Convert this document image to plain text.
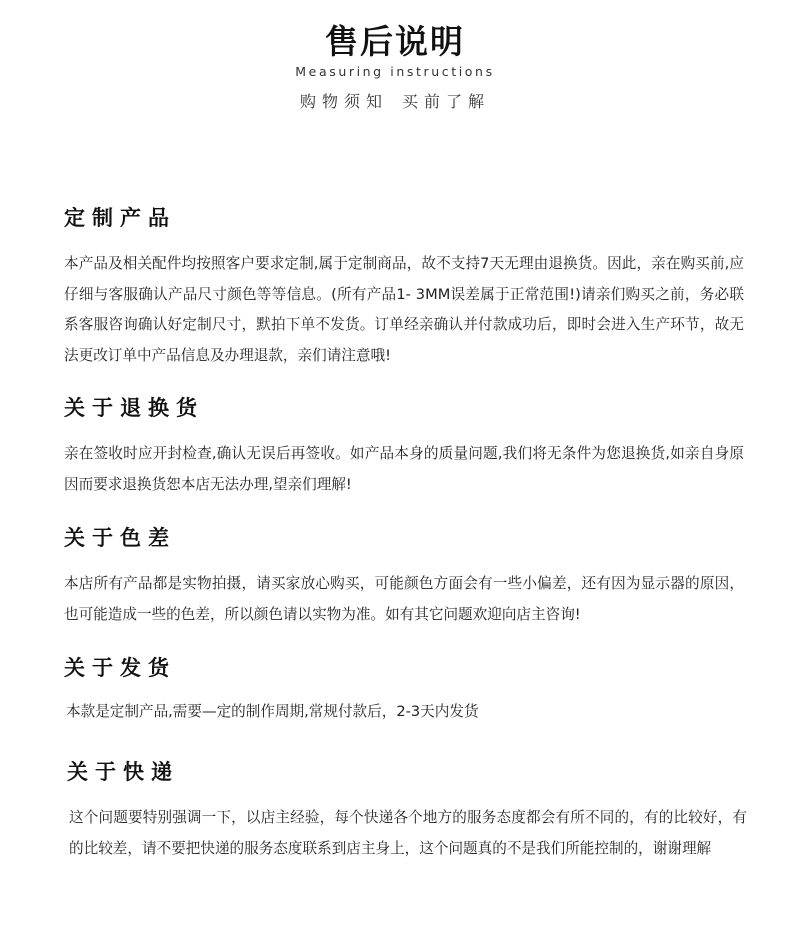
售后说明
Measuring instructions
购物须知 买前了解
定制产品
本产品及相关配件均按照客户要求定制,属于定制商品，故不支持7天无理由退换货。因此，亲在购买前,应仔细与客服确认产品尺寸颜色等等信息。(所有产品1- 3MM误差属于正常范围!)请亲们购买之前，务必联系客服咨询确认好定制尺寸，默拍下单不发货。订单经亲确认并付款成功后，即时会进入生产环节，故无法更改订单中产品信息及办理退款，亲们请注意哦!
关于退换货
亲在签收时应开封检查,确认无误后再签收。如产品本身的质量问题,我们将无条件为您退换货,如亲自身原因而要求退换货恕本店无法办理,望亲们理解!
关于色差
本店所有产品都是实物拍摄，请买家放心购买，可能颜色方面会有一些小偏差，还有因为显示器的原因，也可能造成一些的色差，所以颜色请以实物为准。如有其它问题欢迎向店主咨询!
关于发货
本款是定制产品,需要—定的制作周期,常规付款后，2-3天内发货
关于快递
这个问题要特别强调一下，以店主经验，每个快递各个地方的服务态度都会有所不同的，有的比较好，有的比较差，请不要把快递的服务态度联系到店主身上，这个问题真的不是我们所能控制的，谢谢理解
